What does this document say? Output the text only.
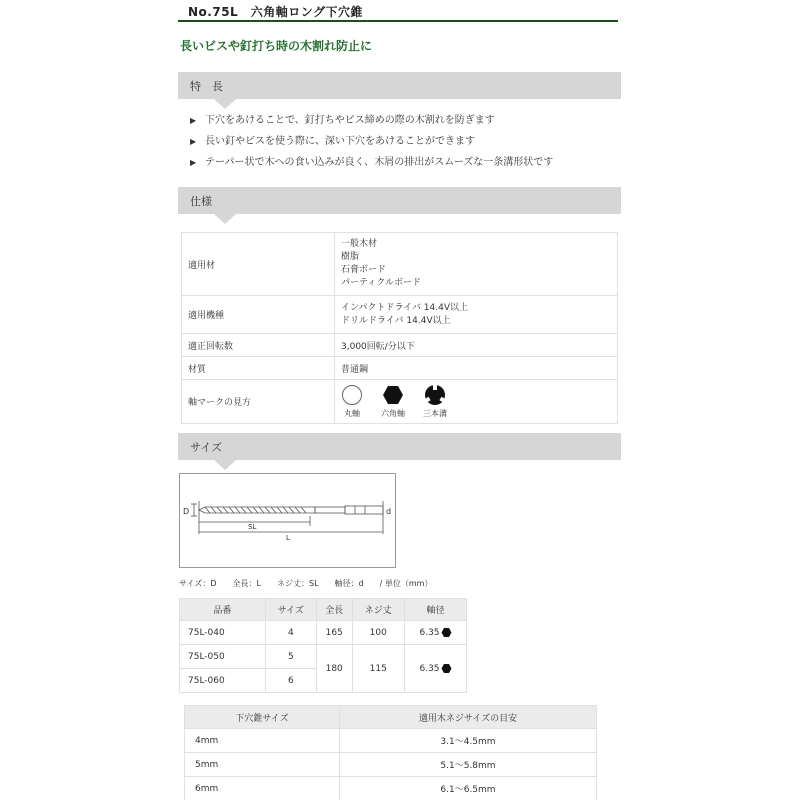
No.75L　六角軸ロング下穴錐
長いビスや釘打ち時の木割れ防止に
特　長
▶ 下穴をあけることで、釘打ちやビス締めの際の木割れを防ぎます
▶ 長い釘やビスを使う際に、深い下穴をあけることができます
▶ テーパー状で木への食い込みが良く、木屑の排出がスムーズな一条溝形状です
仕様
適用材	一般木材
樹脂
石膏ボード
パーティクルボード

適用機種	インパクトドライバ 14.4V以上
ドリルドライバ 14.4V以上

適正回転数	3,000回転/分以下
材質	普通鋼
軸マークの見方	丸軸 六角軸 三本溝
サイズ
D	d
SL
L
サイズ：D 全長：L ネジ丈：SL 軸径：d / 単位（mm）
品番	サイズ	全長	ネジ丈	軸径
75L-040	4	165	100	6.35

75L-050	5	180	115	6.35

75L-060	6			
下穴錐サイズ	適用木ネジサイズの目安
4mm	3.1～4.5mm
5mm	5.1～5.8mm
6mm	6.1～6.5mm
